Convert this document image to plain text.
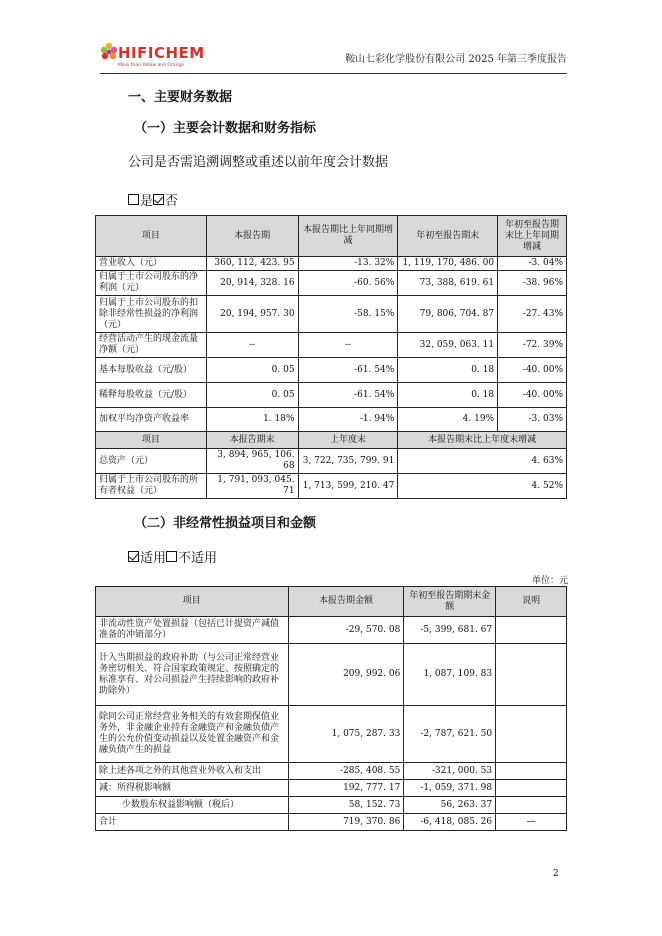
HIFICHEM
More than Yellow and Orange
鞍山七彩化学股份有限公司 2025 年第三季度报告
一、主要财务数据
（一）主要会计数据和财务指标
公司是否需追溯调整或重述以前年度会计数据
是 否
项目	本报告期	本报告期比上年同期增减	年初至报告期末	年初至报告期末比上年同期增减
营业收入（元）	360, 112, 423. 95	-13. 32%	1, 119, 170, 486. 00	-3. 04%
归属于上市公司股东的净利润（元）	20, 914, 328. 16	-60. 56%	73, 388, 619. 61	-38. 96%
归属于上市公司股东的扣除非经常性损益的净利润（元）	20, 194, 957. 30	-58. 15%	79, 806, 704. 87	-27. 43%
经营活动产生的现金流量净额（元）	--	--	32, 059, 063. 11	-72. 39%
基本每股收益（元/股）	0. 05	-61. 54%	0. 18	-40. 00%
稀释每股收益（元/股）	0. 05	-61. 54%	0. 18	-40. 00%
加权平均净资产收益率	1. 18%	-1. 94%	4. 19%	-3. 03%
项目	本报告期末	上年度末	本报告期末比上年度末增减	
总资产（元）	3, 894, 965, 106. 68	3, 722, 735, 799. 91	4. 63%	
归属于上市公司股东的所有者权益（元）	1, 791, 093, 045. 71	1, 713, 599, 210. 47	4. 52%	
（二）非经常性损益项目和金额
适用 不适用
单位：元
项目	本报告期金额	年初至报告期期末金额	说明
非流动性资产处置损益（包括已计提资产减值准备的冲销部分）	-29, 570. 08	-5, 399, 681. 67	
计入当期损益的政府补助（与公司正常经营业务密切相关、符合国家政策规定、按照确定的标准享有、对公司损益产生持续影响的政府补助除外）	209, 992. 06	1, 087, 109. 83	
除同公司正常经营业务相关的有效套期保值业务外，非金融企业持有金融资产和金融负债产生的公允价值变动损益以及处置金融资产和金融负债产生的损益	1, 075, 287. 33	-2, 787, 621. 50	
除上述各项之外的其他营业外收入和支出	-285, 408. 55	-321, 000. 53	
减：所得税影响额	192, 777. 17	-1, 059, 371. 98	
少数股东权益影响额（税后）	58, 152. 73	56, 263. 37	
合计	719, 370. 86	-6, 418, 085. 26	—
2
